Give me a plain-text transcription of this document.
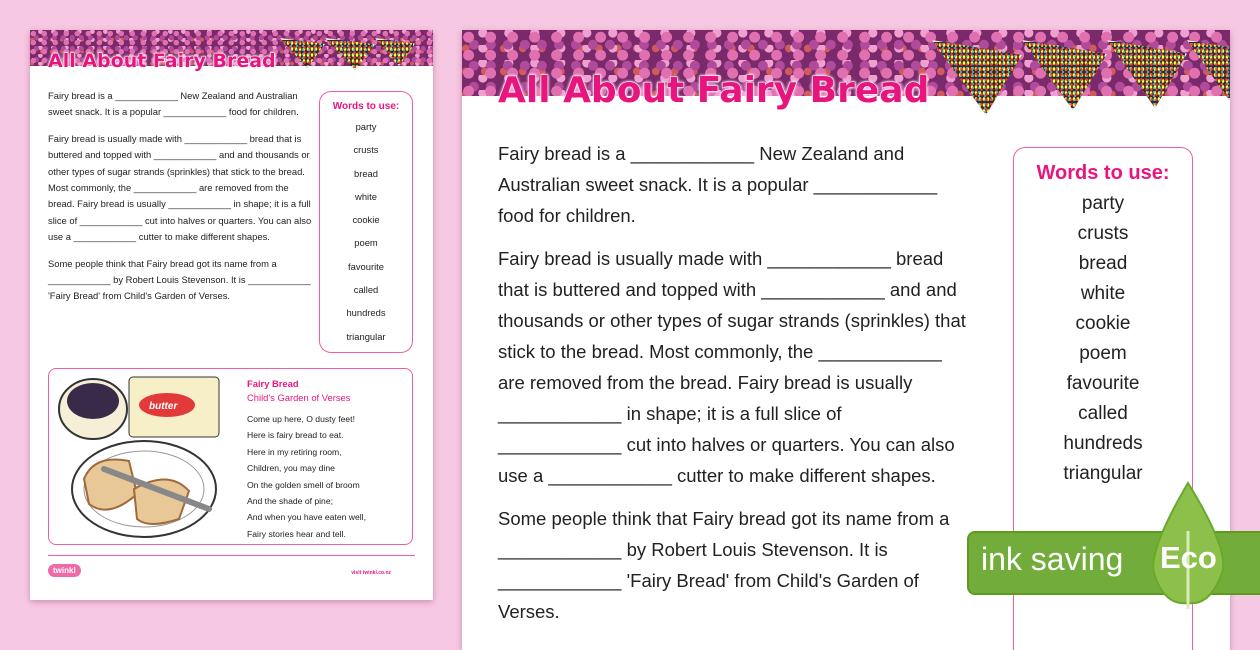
All About Fairy Bread

Fairy bread is a ____________ New Zealand and Australian sweet snack. It is a popular ____________ food for children.

Fairy bread is usually made with ____________ bread that is buttered and topped with ____________ and and thousands or other types of sugar strands (sprinkles) that stick to the bread. Most commonly, the ____________ are removed from the bread. Fairy bread is usually ____________ in shape; it is a full slice of ____________ cut into halves or quarters. You can also use a ____________ cutter to make different shapes.

Some people think that Fairy bread got its name from a ____________ by Robert Louis Stevenson. It is ____________ 'Fairy Bread' from Child's Garden of Verses.

Words to use:
party
crusts
bread
white
cookie
poem
favourite
called
hundreds
triangular
butter
Fairy Bread
Child's Garden of Verses
Come up here, O dusty feet!
Here is fairy bread to eat.
Here in my retiring room,
Children, you may dine
On the golden smell of broom
And the shade of pine;
And when you have eaten well,
Fairy stories hear and tell.
twinkl	visit twinkl.co.nz
All About Fairy Bread

Fairy bread is a ____________ New Zealand and Australian sweet snack. It is a popular ____________ food for children.

Fairy bread is usually made with ____________ bread that is buttered and topped with ____________ and and thousands or other types of sugar strands (sprinkles) that stick to the bread. Most commonly, the ____________ are removed from the bread. Fairy bread is usually ____________ in shape; it is a full slice of ____________ cut into halves or quarters. You can also use a ____________ cutter to make different shapes.

Some people think that Fairy bread got its name from a ____________ by Robert Louis Stevenson. It is ____________ 'Fairy Bread' from Child's Garden of Verses.

Words to use:
party
crusts
bread
white
cookie
poem
favourite
called
hundreds
triangular
ink saving Eco
